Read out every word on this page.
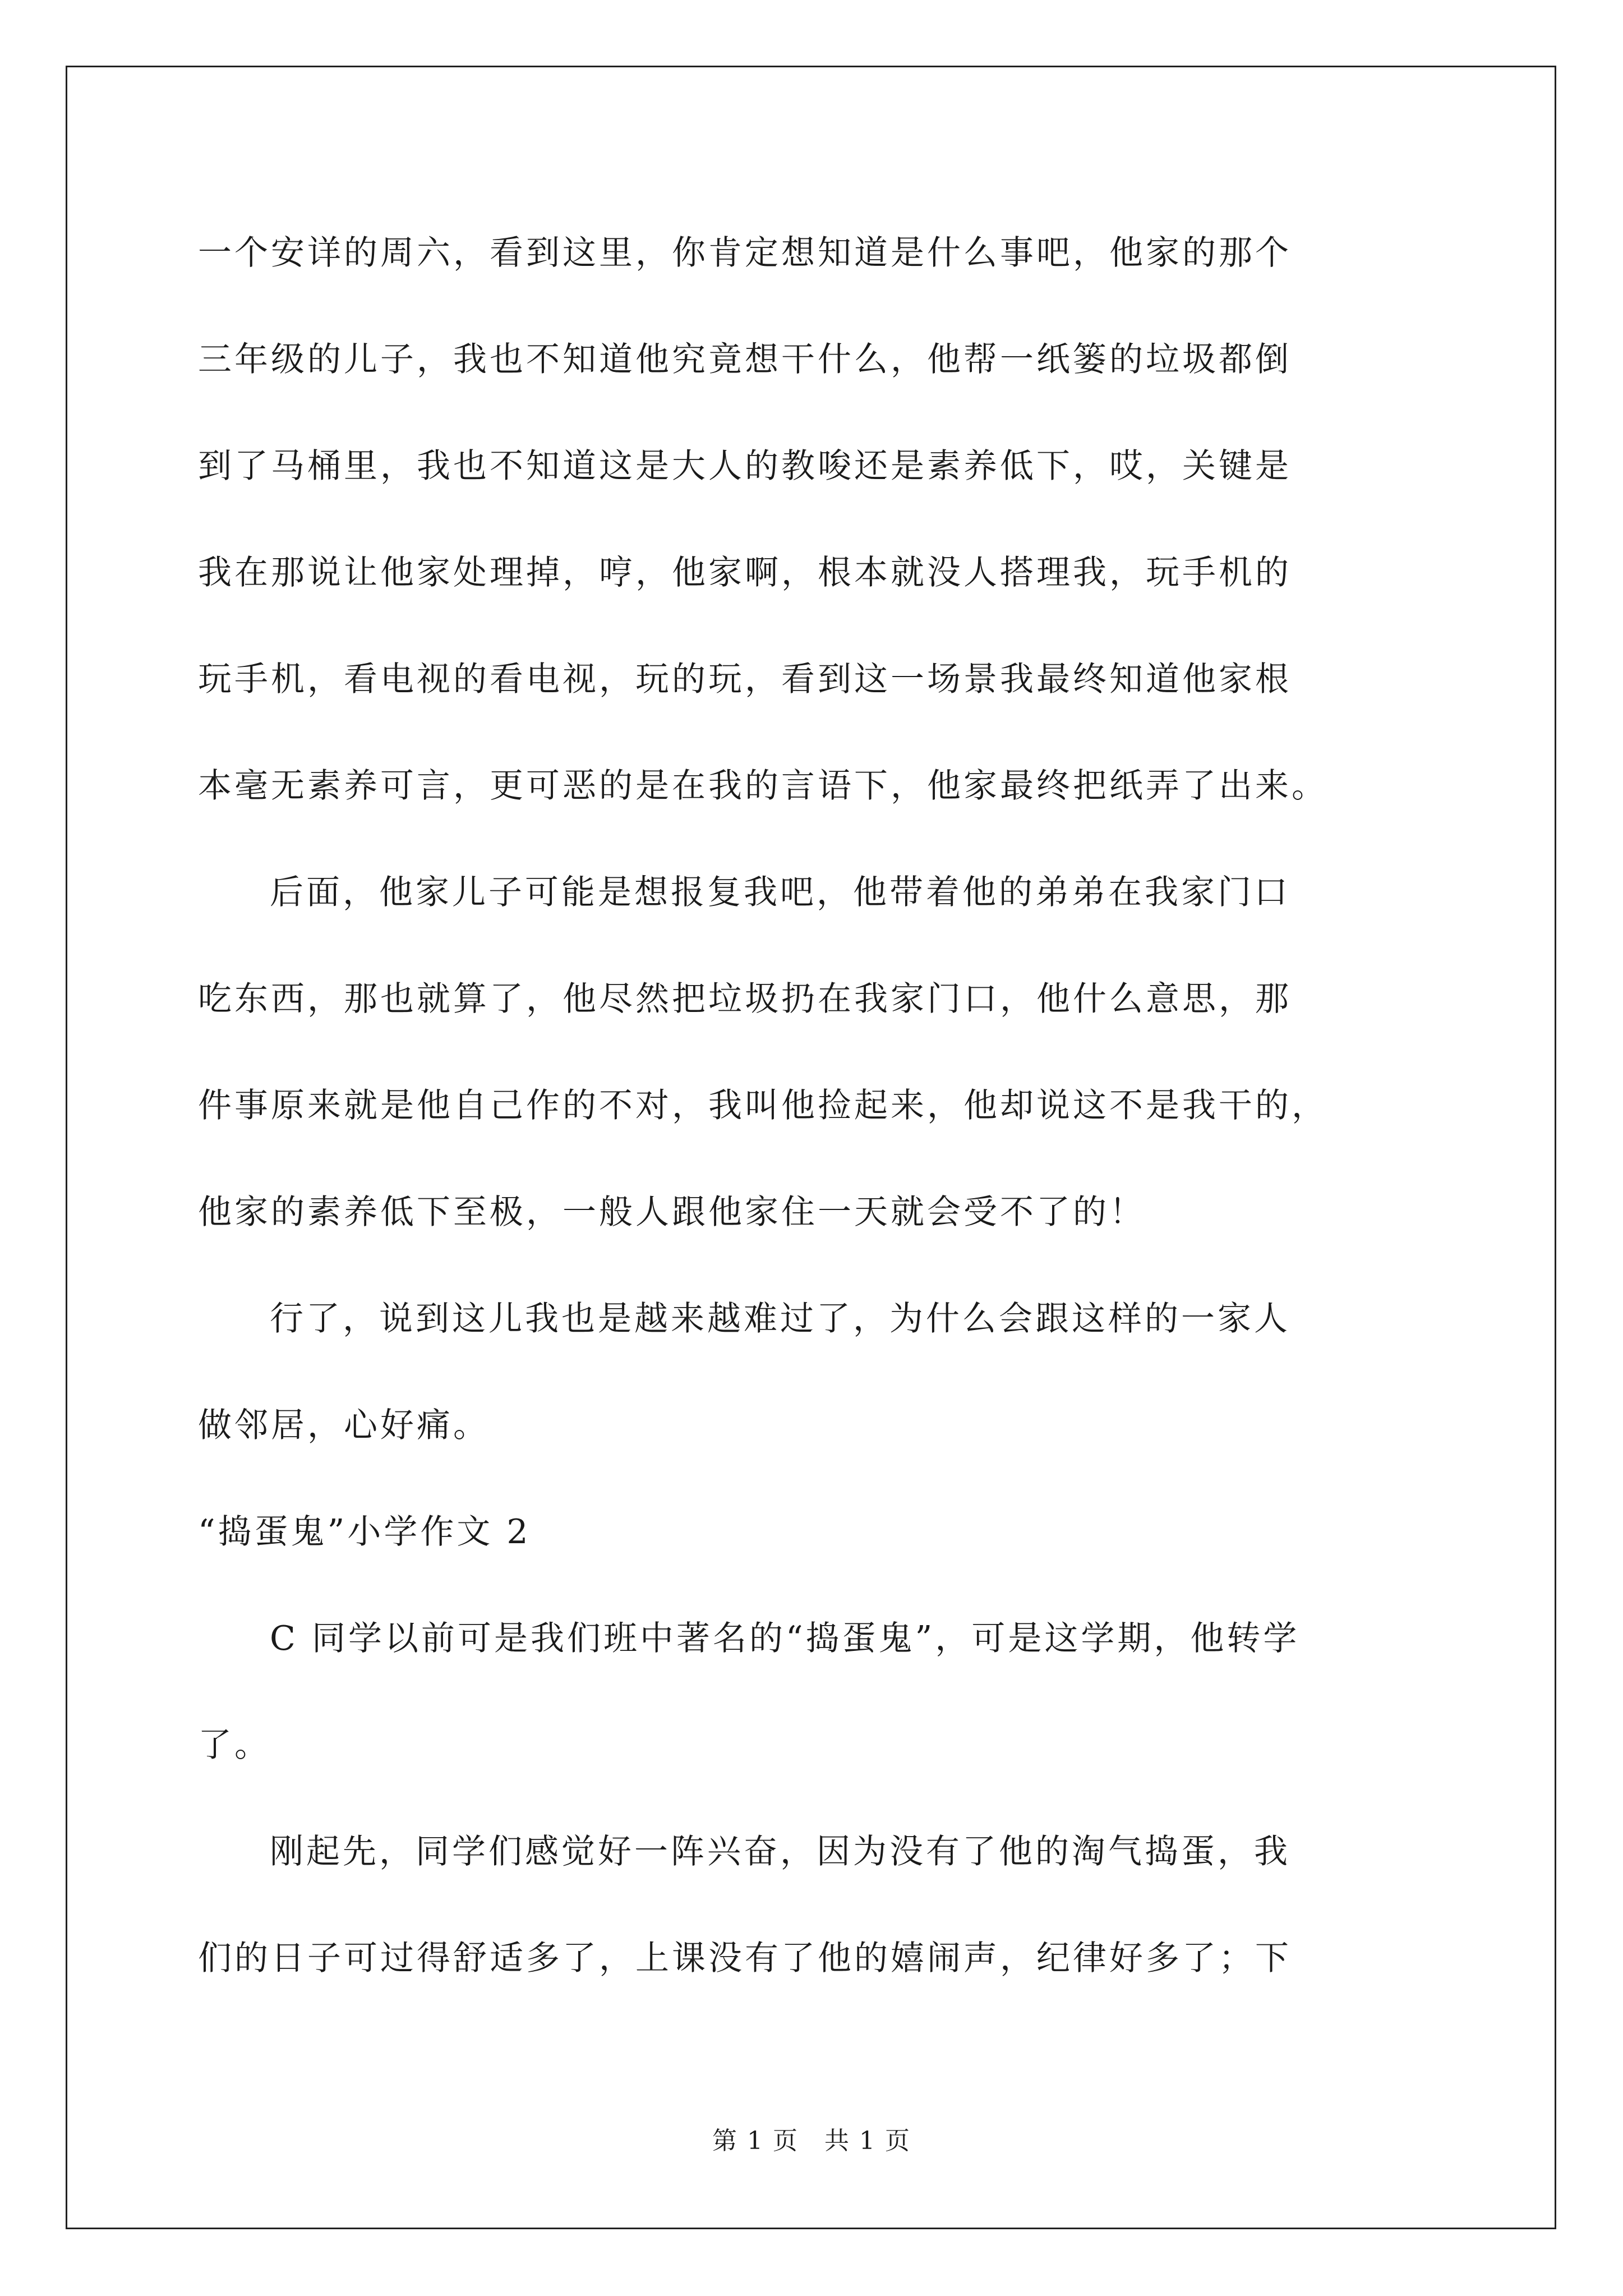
一个安详的周六，看到这里，你肯定想知道是什么事吧，他家的那个

三年级的儿子，我也不知道他究竟想干什么，他帮一纸篓的垃圾都倒

到了马桶里，我也不知道这是大人的教唆还是素养低下，哎，关键是

我在那说让他家处理掉，哼，他家啊，根本就没人搭理我，玩手机的

玩手机，看电视的看电视，玩的玩，看到这一场景我最终知道他家根

本毫无素养可言，更可恶的是在我的言语下，他家最终把纸弄了出来。

后面，他家儿子可能是想报复我吧，他带着他的弟弟在我家门口

吃东西，那也就算了，他尽然把垃圾扔在我家门口，他什么意思，那

件事原来就是他自己作的不对，我叫他捡起来，他却说这不是我干的，

他家的素养低下至极，一般人跟他家住一天就会受不了的！

行了，说到这儿我也是越来越难过了，为什么会跟这样的一家人

做邻居，心好痛。

“捣蛋鬼”小学作文 2

C 同学以前可是我们班中著名的“捣蛋鬼”，可是这学期，他转学

了。

刚起先，同学们感觉好一阵兴奋，因为没有了他的淘气捣蛋，我

们的日子可过得舒适多了，上课没有了他的嬉闹声，纪律好多了；下

第 1 页　共 1 页
